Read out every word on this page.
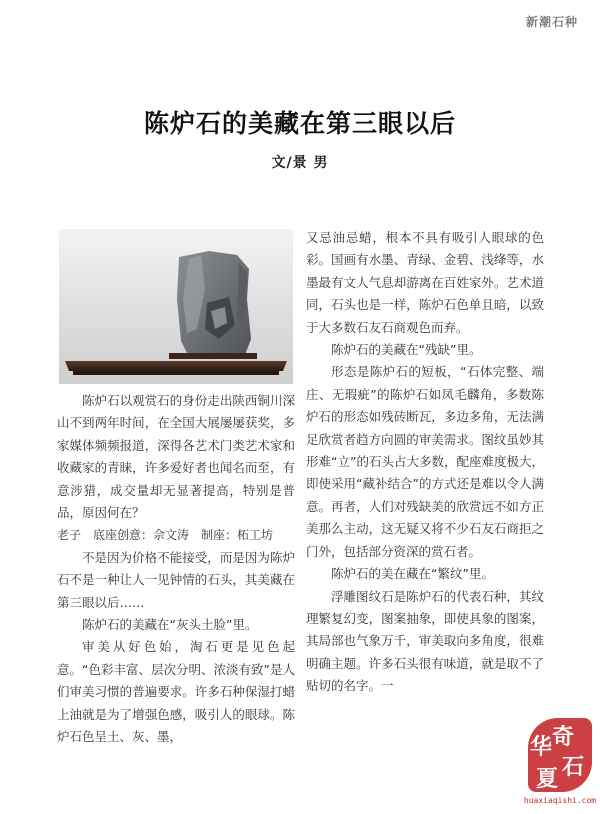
新潮石种
陈炉石的美藏在第三眼以后
文/景 男

陈炉石以观赏石的身份走出陕西铜川深山不到两年时间，在全国大展屡屡获奖，多家媒体频频报道，深得各艺术门类艺术家和收藏家的青睐，许多爱好者也闻名而至，有意涉猎，成交量却无显著提高，特别是普品，原因何在？

老子　底座创意：佘文涛　制座：柘工坊

不是因为价格不能接受，而是因为陈炉石不是一种让人一见钟情的石头，其美藏在第三眼以后……

陈炉石的美藏在“灰头土脸”里。

审美从好色始，淘石更是见色起意。“色彩丰富、层次分明、浓淡有致”是人们审美习惯的普遍要求。许多石种保湿打蜡上油就是为了增强色感，吸引人的眼球。陈炉石色呈土、灰、墨，

又忌油忌蜡，根本不具有吸引人眼球的色彩。国画有水墨、青绿、金碧、浅绛等，水墨最有文人气息却游离在百姓家外。艺术道同，石头也是一样，陈炉石色单且暗，以致于大多数石友石商观色而弃。

陈炉石的美藏在“残缺”里。

形态是陈炉石的短板，“石体完整、端庄、无瑕疵”的陈炉石如凤毛麟角，多数陈炉石的形态如残砖断瓦，多边多角，无法满足欣赏者趋方向圆的审美需求。图纹虽妙其形难“立”的石头占大多数，配座难度极大，即使采用“藏补结合”的方式还是难以令人满意。再者，人们对残缺美的欣赏远不如方正美那么主动，这无疑又将不少石友石商拒之门外，包括部分资深的赏石者。

陈炉石的美在藏在“繁纹”里。

浮雕图纹石是陈炉石的代表石种，其纹理繁复幻变，图案抽象，即使具象的图案，其局部也气象万千，审美取向多角度，很难明确主题。许多石头很有味道，就是取不了贴切的名字。一

奇
石
华
夏
huaxiaqishi.com
